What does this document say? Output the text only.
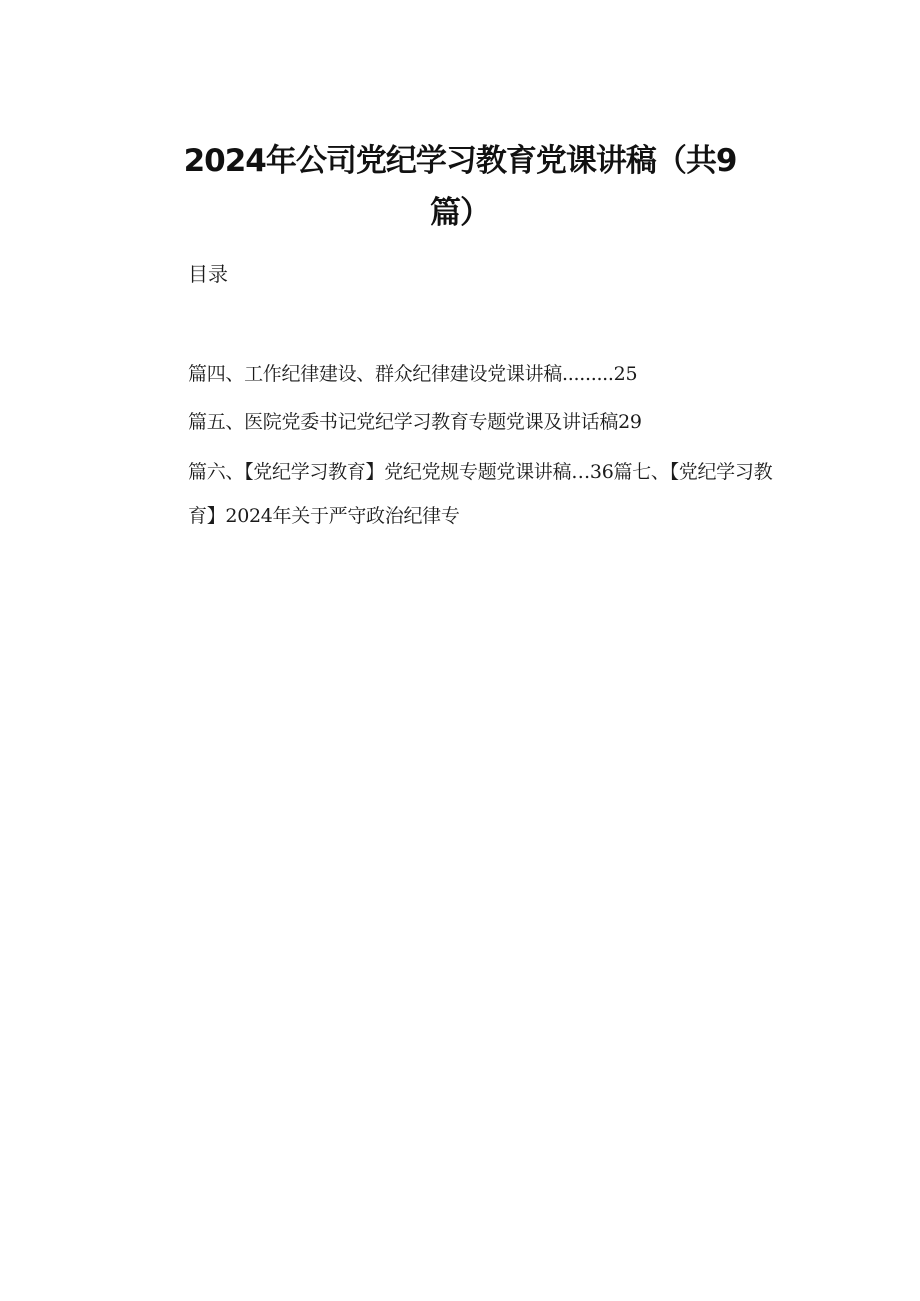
2024年公司党纪学习教育党课讲稿（共9
篇）
目录
篇四、工作纪律建设、群众纪律建设党课讲稿.........25
篇五、医院党委书记党纪学习教育专题党课及讲话稿29
篇六、【党纪学习教育】党纪党规专题党课讲稿…36篇七、【党纪学习教育】2024年关于严守政治纪律专
